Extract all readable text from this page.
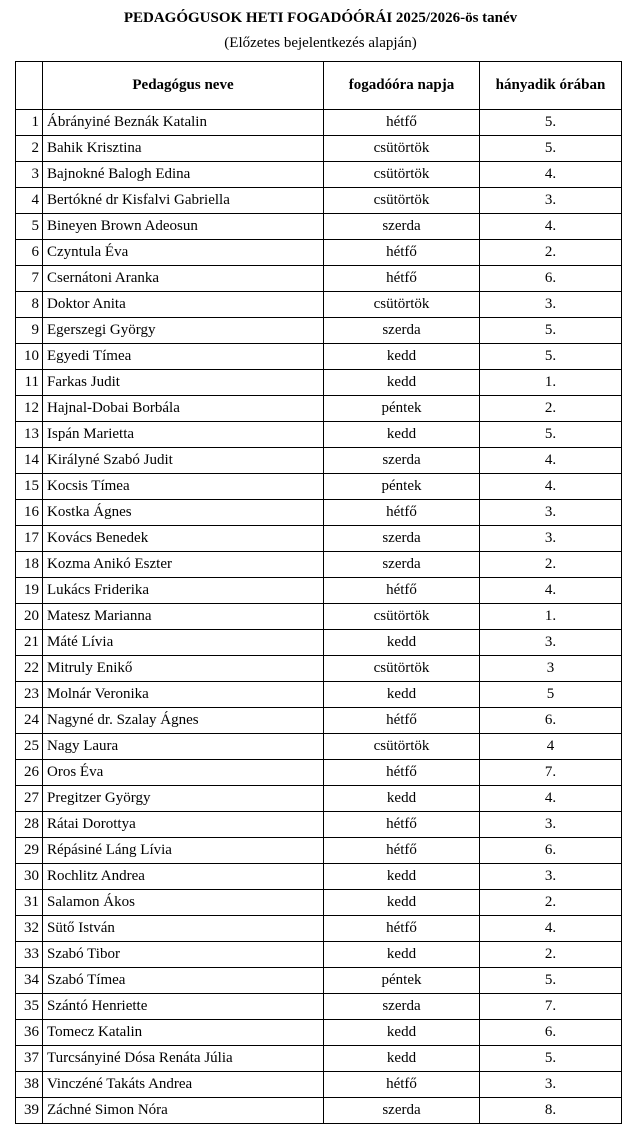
PEDAGÓGUSOK HETI FOGADÓÓRÁI 2025/2026-ös tanév
(Előzetes bejelentkezés alapján)
	Pedagógus neve	fogadóóra napja	hányadik órában
1	Ábrányiné Beznák Katalin	hétfő	5.
2	Bahik Krisztina	csütörtök	5.
3	Bajnokné Balogh Edina	csütörtök	4.
4	Bertókné dr Kisfalvi Gabriella	csütörtök	3.
5	Bineyen Brown Adeosun	szerda	4.
6	Czyntula Éva	hétfő	2.
7	Csernátoni Aranka	hétfő	6.
8	Doktor Anita	csütörtök	3.
9	Egerszegi György	szerda	5.
10	Egyedi Tímea	kedd	5.
11	Farkas Judit	kedd	1.
12	Hajnal-Dobai Borbála	péntek	2.
13	Ispán Marietta	kedd	5.
14	Királyné Szabó Judit	szerda	4.
15	Kocsis Tímea	péntek	4.
16	Kostka Ágnes	hétfő	3.
17	Kovács Benedek	szerda	3.
18	Kozma Anikó Eszter	szerda	2.
19	Lukács Friderika	hétfő	4.
20	Matesz Marianna	csütörtök	1.
21	Máté Lívia	kedd	3.
22	Mitruly Enikő	csütörtök	3
23	Molnár Veronika	kedd	5
24	Nagyné dr. Szalay Ágnes	hétfő	6.
25	Nagy Laura	csütörtök	4
26	Oros Éva	hétfő	7.
27	Pregitzer György	kedd	4.
28	Rátai Dorottya	hétfő	3.
29	Répásiné Láng Lívia	hétfő	6.
30	Rochlitz Andrea	kedd	3.
31	Salamon Ákos	kedd	2.
32	Sütő István	hétfő	4.
33	Szabó Tibor	kedd	2.
34	Szabó Tímea	péntek	5.
35	Szántó Henriette	szerda	7.
36	Tomecz Katalin	kedd	6.
37	Turcsányiné Dósa Renáta Júlia	kedd	5.
38	Vinczéné Takáts Andrea	hétfő	3.
39	Záchné Simon Nóra	szerda	8.
